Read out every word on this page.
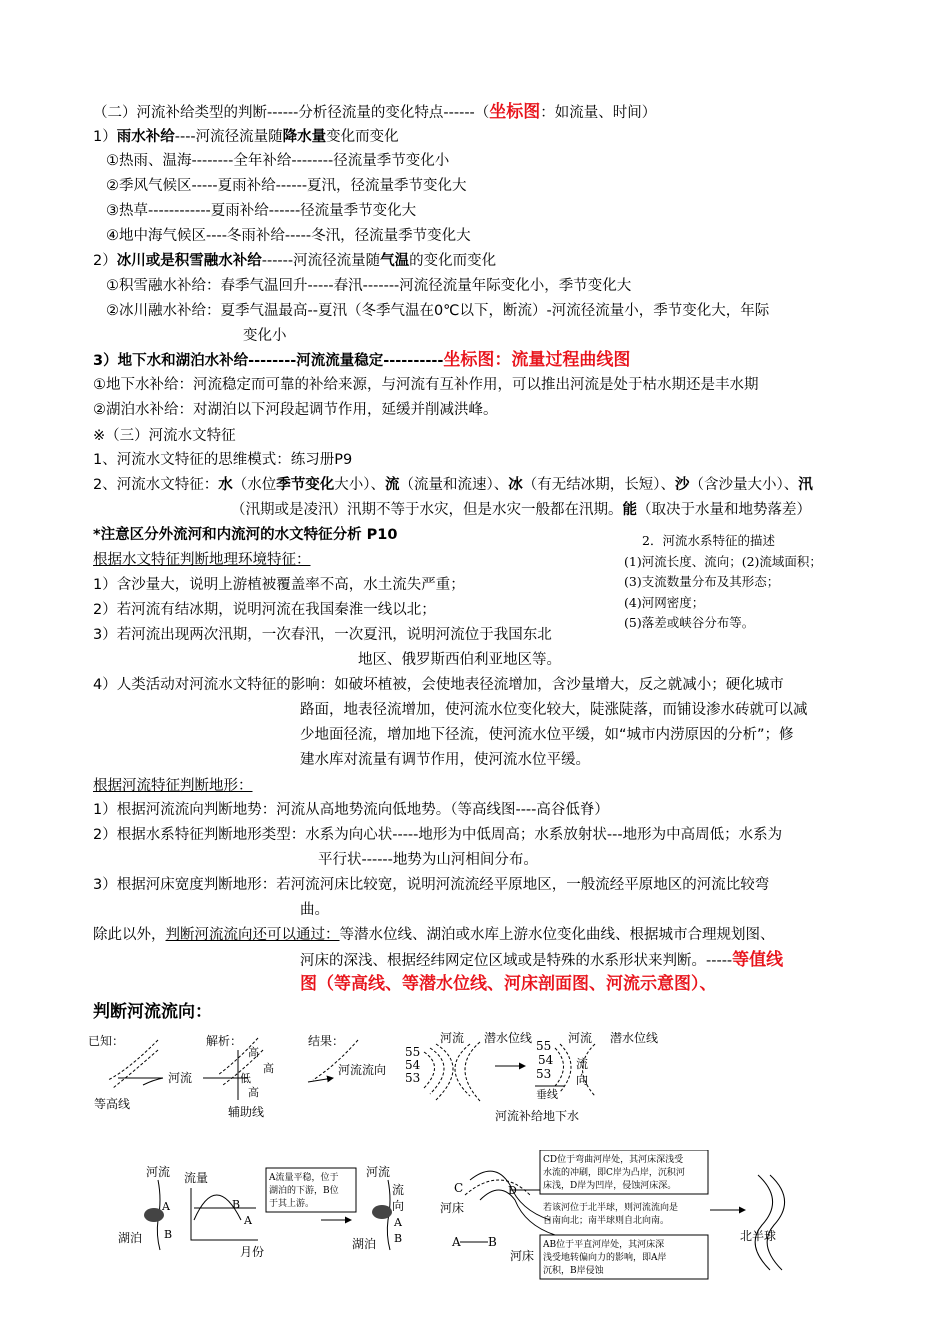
（二）河流补给类型的判断------分析径流量的变化特点------（坐标图：如流量、时间）
1）雨水补给----河流径流量随降水量变化而变化
①热雨、温海--------全年补给--------径流量季节变化小
②季风气候区-----夏雨补给------夏汛，径流量季节变化大
③热草------------夏雨补给------径流量季节变化大
④地中海气候区----冬雨补给-----冬汛，径流量季节变化大
2）冰川或是积雪融水补给------河流径流量随气温的变化而变化
①积雪融水补给：春季气温回升-----春汛-------河流径流量年际变化小，季节变化大
②冰川融水补给：夏季气温最高--夏汛（冬季气温在0℃以下，断流）-河流径流量小，季节变化大，年际
变化小
3）地下水和湖泊水补给--------河流流量稳定----------坐标图：流量过程曲线图
①地下水补给：河流稳定而可靠的补给来源，与河流有互补作用，可以推出河流是处于枯水期还是丰水期
②湖泊水补给：对湖泊以下河段起调节作用，延缓并削减洪峰。
※（三）河流水文特征
1、河流水文特征的思维模式：练习册P9
2、河流水文特征：水（水位季节变化大小）、流（流量和流速）、冰（有无结冰期，长短）、沙（含沙量大小）、汛
（汛期或是凌汛）汛期不等于水灾，但是水灾一般都在汛期。能（取决于水量和地势落差）
*注意区分外流河和内流河的水文特征分析 P10
根据水文特征判断地理环境特征：
1）含沙量大，说明上游植被覆盖率不高，水土流失严重；
2）若河流有结冰期，说明河流在我国秦淮一线以北；
3）若河流出现两次汛期，一次春汛，一次夏汛，说明河流位于我国东北
地区、俄罗斯西伯利亚地区等。
4）人类活动对河流水文特征的影响：如破坏植被，会使地表径流增加，含沙量增大，反之就减小；硬化城市
路面，地表径流增加，使河流水位变化较大，陡涨陡落，而铺设渗水砖就可以减
少地面径流，增加地下径流，使河流水位平缓，如“城市内涝原因的分析”；修
建水库对流量有调节作用，使河流水位平缓。
2．河流水系特征的描述
(1)河流长度、流向；(2)流域面积；
(3)支流数量分布及其形态；
(4)河网密度；
(5)落差或峡谷分布等。
根据河流特征判断地形：
1）根据河流流向判断地势：河流从高地势流向低地势。（等高线图----高谷低脊）
2）根据水系特征判断地形类型：水系为向心状-----地形为中低周高；水系放射状---地形为中高周低；水系为
平行状------地势为山河相间分布。
3）根据河床宽度判断地形：若河流河床比较宽，说明河流流经平原地区，一般流经平原地区的河流比较弯
曲。
除此以外，判断河流流向还可以通过：等潜水位线、湖泊或水库上游水位变化曲线、根据城市合理规划图、
河床的深浅、根据经纬网定位区域或是特殊的水系形状来判断。-----等值线
图（等高线、等潜水位线、河床剖面图、河流示意图）、
判断河流流向：
已知：
河流
等高线
解析：
高
高
低
高
辅助线
结果：
河流流向
河流 潜水位线
55
54
53
河流 潜水位线
55
54
53
流
向
垂线
河流补给地下水
河流
A
B
湖泊
流量
A
B
月份
A流量平稳，位于
湖泊的下游，B位
于其上游。
河流
流
向
A
B
湖泊
C	D
河床
A B
河床
CD位于弯曲河岸处，其河床深浅受
水流的冲刷，即C岸为凸岸，沉积河
床浅，D岸为凹岸，侵蚀河床深。
若该河位于北半球，则河流流向是
自南向北；南半球则自北向南。
AB位于平直河岸处，其河床深
浅受地转偏向力的影响，即A岸
沉积，B岸侵蚀
北半球
